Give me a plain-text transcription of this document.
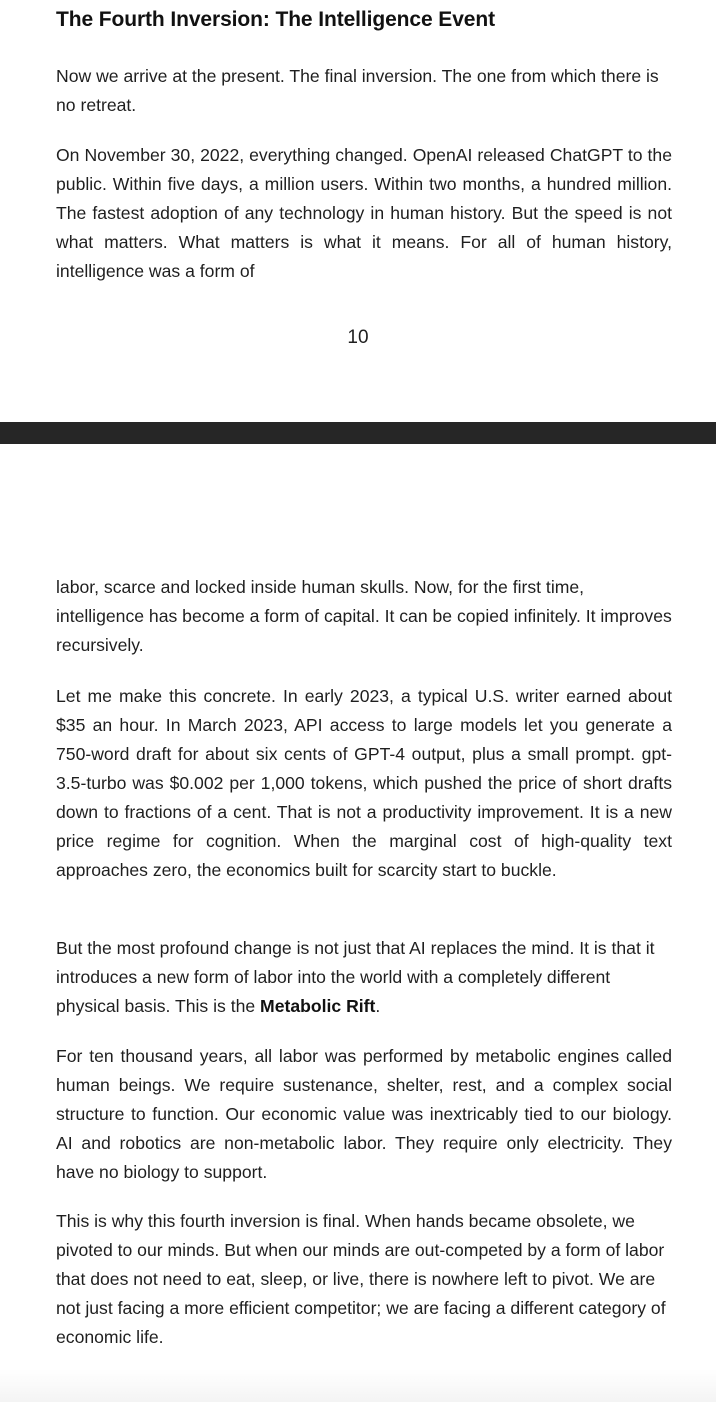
The Fourth Inversion: The Intelligence Event

Now we arrive at the present. The final inversion. The one from which there is no retreat.

On November 30, 2022, everything changed. OpenAI released ChatGPT to the public. Within five days, a million users. Within two months, a hundred million. The fastest adoption of any technology in human history. But the speed is not what matters. What matters is what it means. For all of human history, intelligence was a form of

10

labor, scarce and locked inside human skulls. Now, for the first time, intelligence has become a form of capital. It can be copied infinitely. It improves recursively.

Let me make this concrete. In early 2023, a typical U.S. writer earned about $35 an hour. In March 2023, API access to large models let you generate a 750-word draft for about six cents of GPT-4 output, plus a small prompt. gpt-3.5-turbo was $0.002 per 1,000 tokens, which pushed the price of short drafts down to fractions of a cent. That is not a productivity improvement. It is a new price regime for cognition. When the marginal cost of high-quality text approaches zero, the economics built for scarcity start to buckle.

But the most profound change is not just that AI replaces the mind. It is that it introduces a new form of labor into the world with a completely different physical basis. This is the Metabolic Rift.

For ten thousand years, all labor was performed by metabolic engines called human beings. We require sustenance, shelter, rest, and a complex social structure to function. Our economic value was inextricably tied to our biology. AI and robotics are non-metabolic labor. They require only electricity. They have no biology to support.

This is why this fourth inversion is final. When hands became obsolete, we pivoted to our minds. But when our minds are out-competed by a form of labor that does not need to eat, sleep, or live, there is nowhere left to pivot. We are not just facing a more efficient competitor; we are facing a different category of economic life.
